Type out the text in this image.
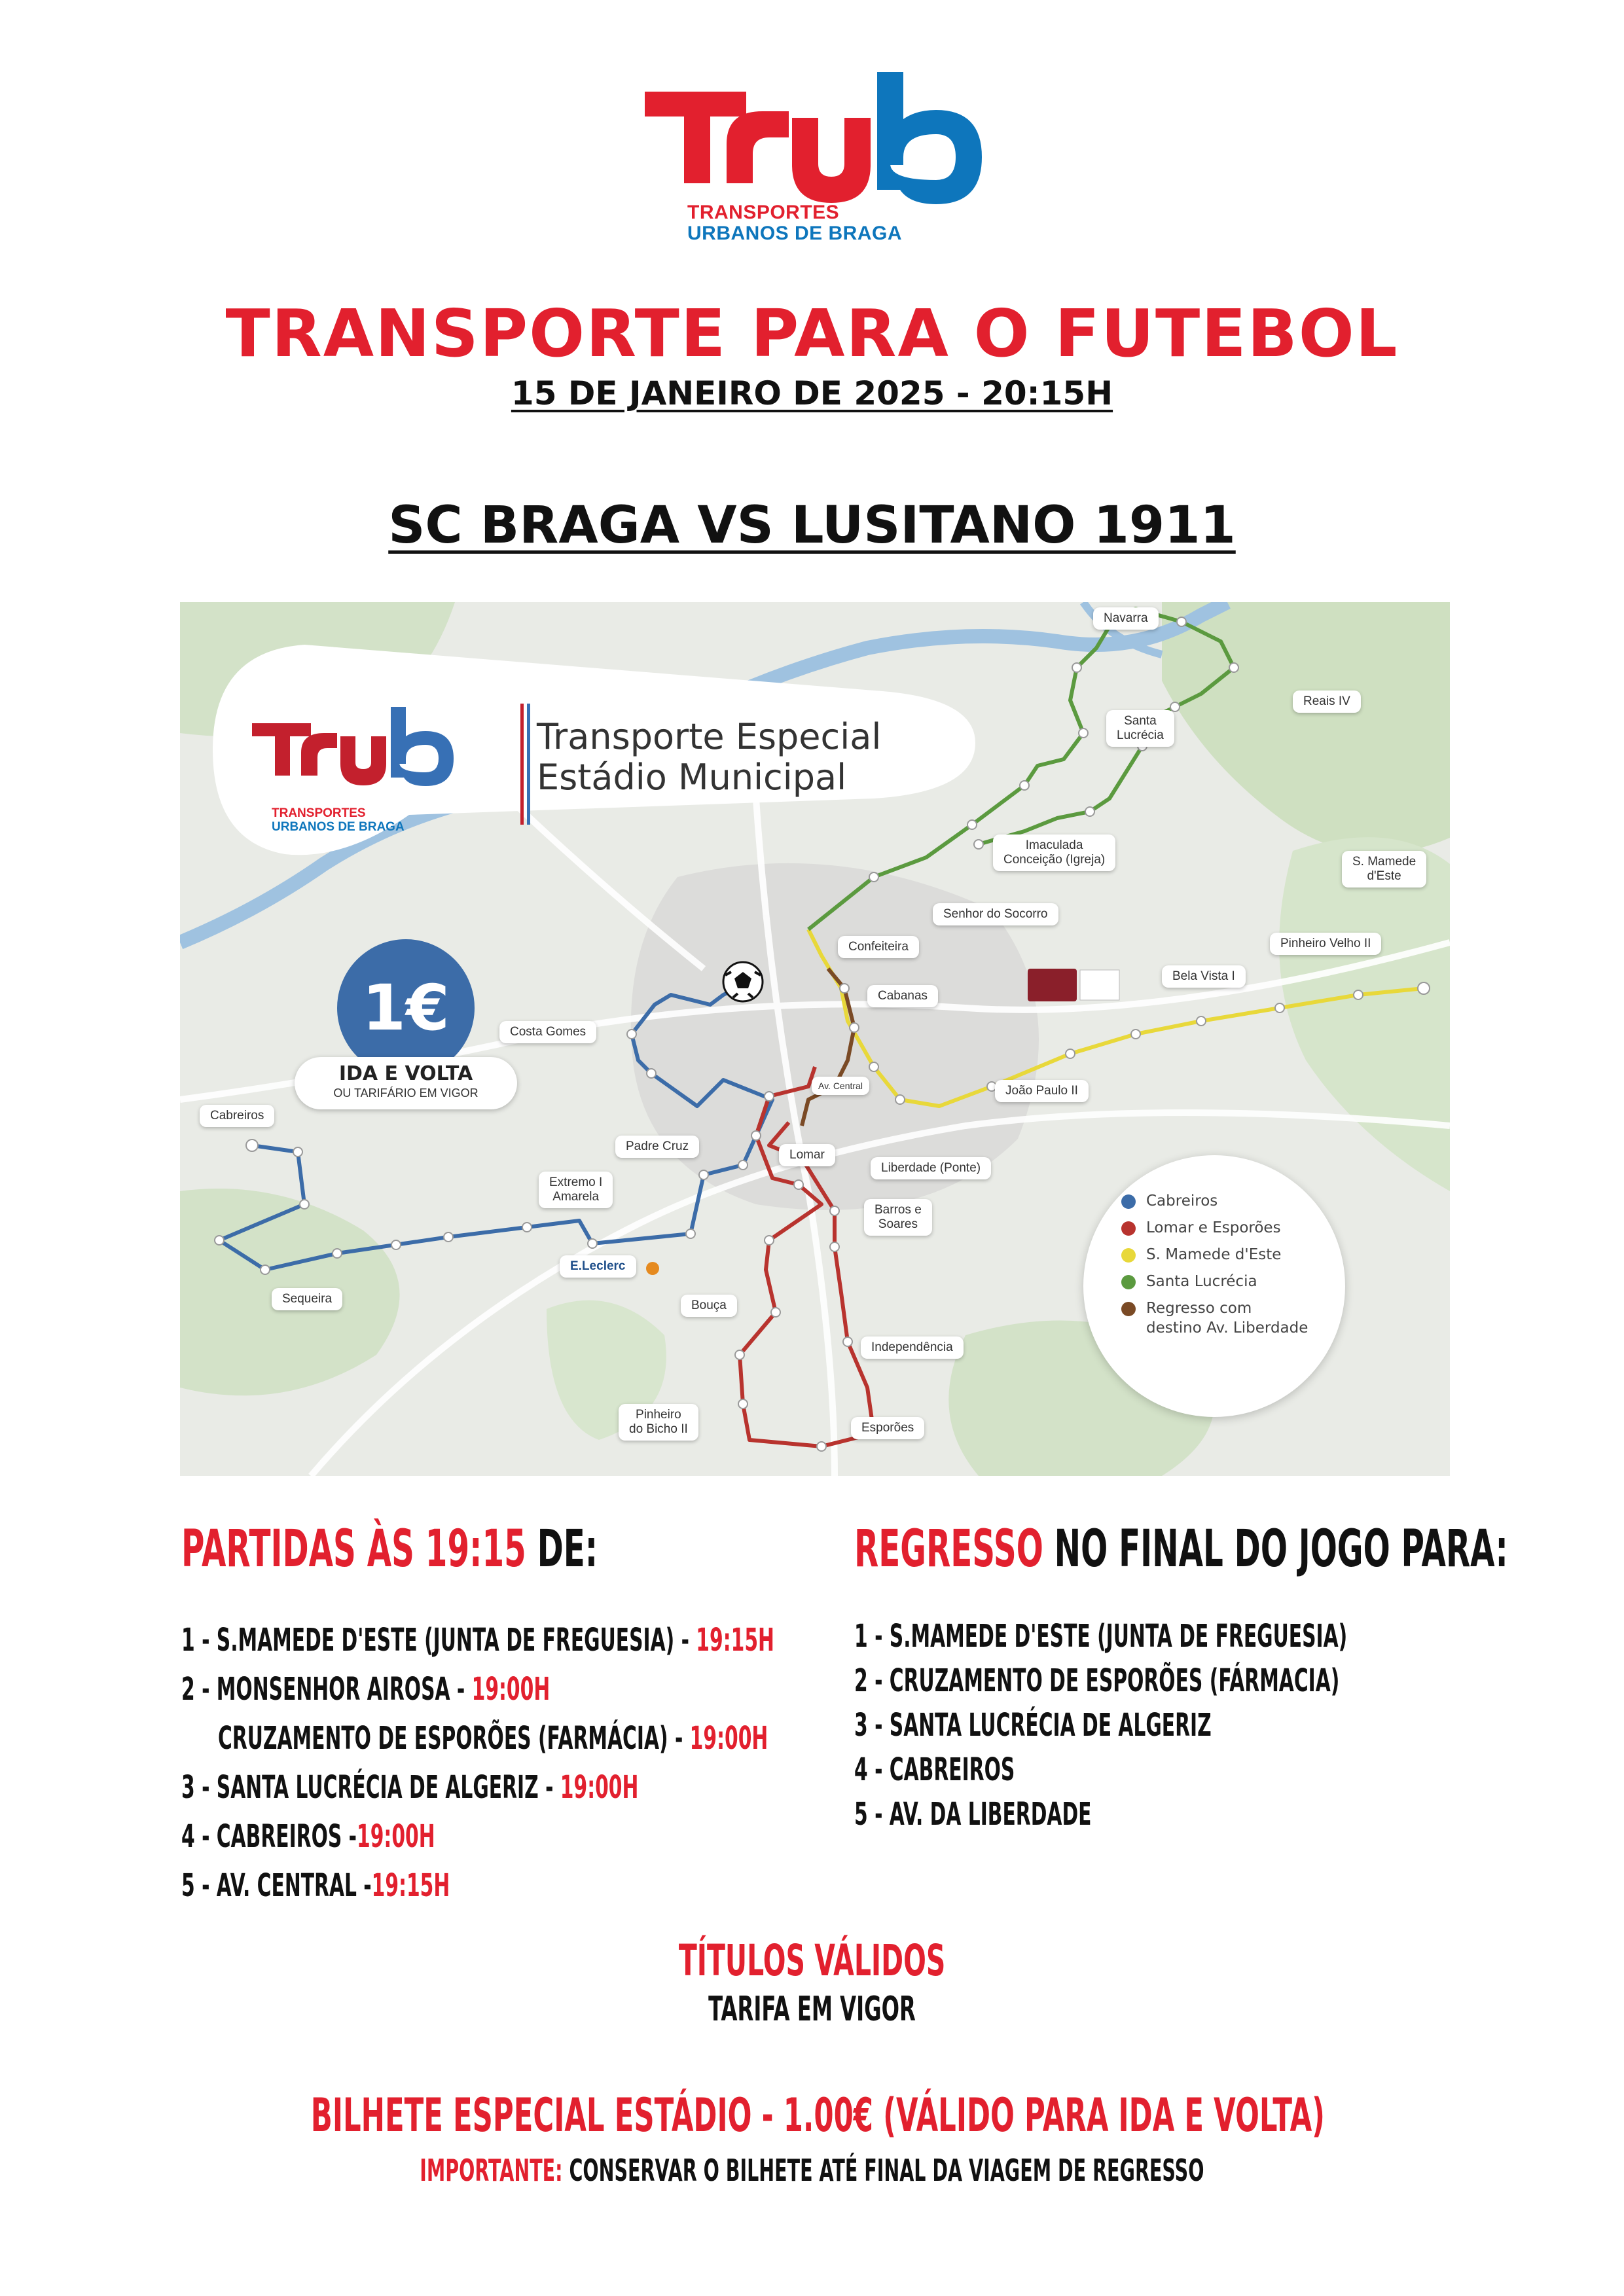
TRANSPORTES
URBANOS DE BRAGA
TRANSPORTE PARA O FUTEBOL
15 DE JANEIRO DE 2025 - 20:15H
SC BRAGA VS LUSITANO 1911
Navarra
Reais IV
Santa
Lucrécia
Imaculada
Conceição (Igreja)	S. Mamede
d'Este
Senhor do Socorro
Confeiteira	Pinheiro Velho II
Bela Vista I
Cabanas
Costa Gomes
Av. Central	João Paulo II
Cabreiros
Padre Cruz
Lomar
Liberdade (Ponte)
Extremo I
Amarela
Barros e
Soares
E.Leclerc
Sequeira	Bouça
Independência
Pinheiro
do Bicho II	Esporões
TRANSPORTES
URBANOS DE BRAGA
Transporte Especial
Estádio Municipal
1€
IDA E VOLTA
OU TARIFÁRIO EM VIGOR
Cabreiros
Lomar e Esporões
S. Mamede d'Este
Santa Lucrécia
Regresso com
destino Av. Liberdade
PARTIDAS ÀS 19:15 DE:
1 - S.MAMEDE D'ESTE (JUNTA DE FREGUESIA) - 19:15H
2 - MONSENHOR AIROSA - 19:00H
CRUZAMENTO DE ESPORÕES (FARMÁCIA) - 19:00H
3 - SANTA LUCRÉCIA DE ALGERIZ - 19:00H
4 - CABREIROS -19:00H
5 - AV. CENTRAL -19:15H
REGRESSO NO FINAL DO JOGO PARA:
1 - S.MAMEDE D'ESTE (JUNTA DE FREGUESIA)
2 - CRUZAMENTO DE ESPORÕES (FÁRMACIA)
3 - SANTA LUCRÉCIA DE ALGERIZ
4 - CABREIROS
5 - AV. DA LIBERDADE
TÍTULOS VÁLIDOS
TARIFA EM VIGOR
BILHETE ESPECIAL ESTÁDIO - 1.00€ (VÁLIDO PARA IDA E VOLTA)
IMPORTANTE: CONSERVAR O BILHETE ATÉ FINAL DA VIAGEM DE REGRESSO
